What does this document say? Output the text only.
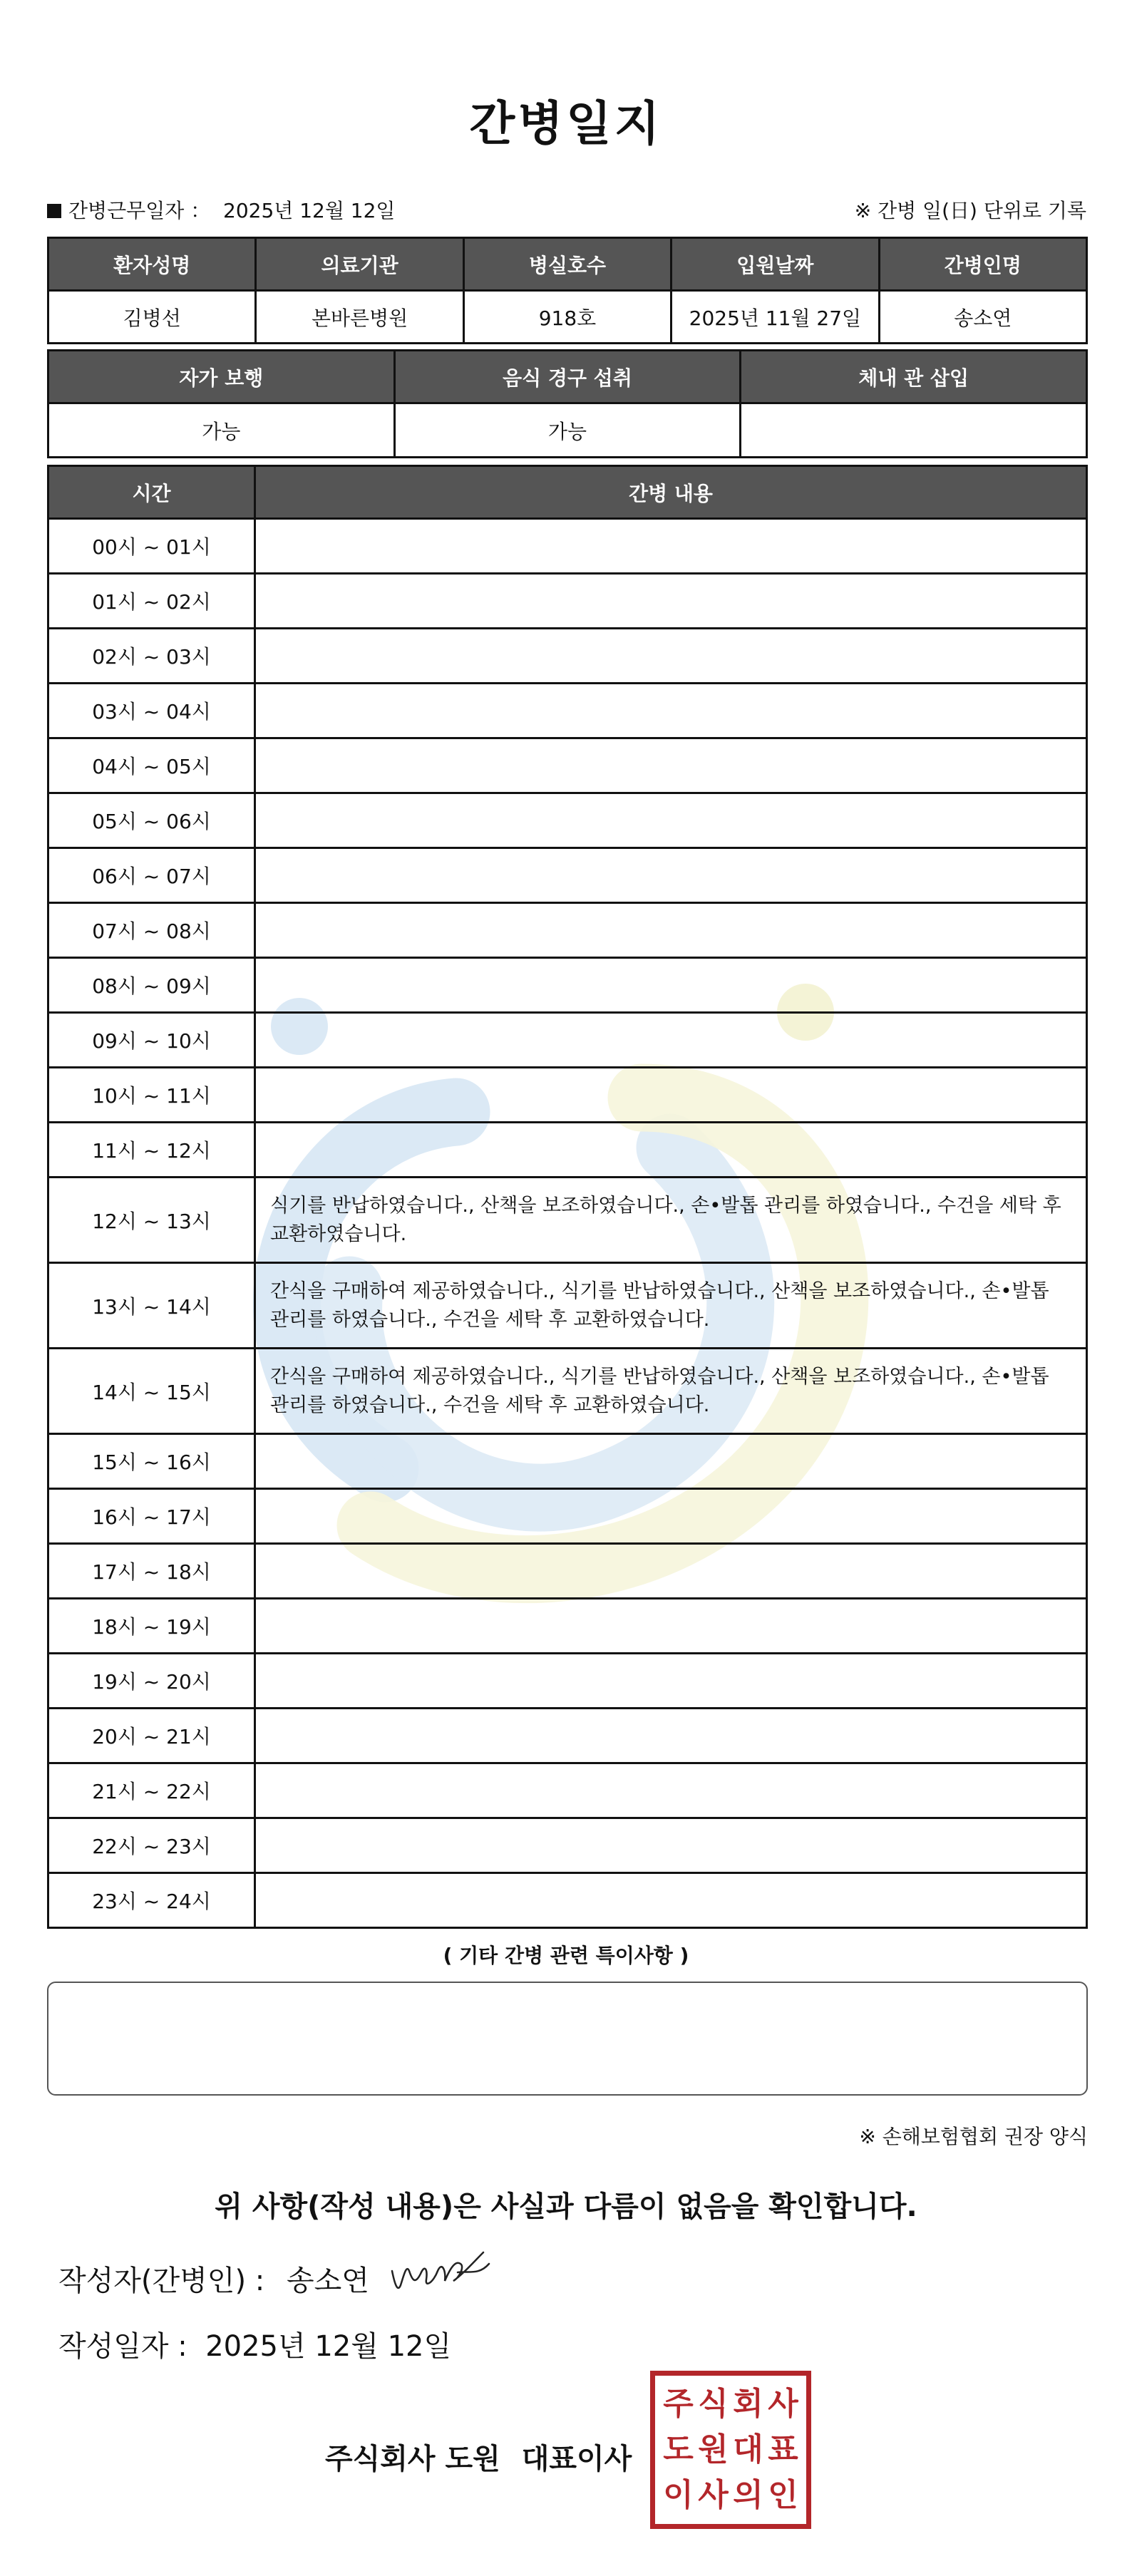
간병일지
간병근무일자 ： 2025년 12월 12일	※ 간병 일(日) 단위로 기록
환자성명	의료기관	병실호수	입원날짜	간병인명
김병선	본바른병원	918호	2025년 11월 27일	송소연
자가 보행	음식 경구 섭취	체내 관 삽입
가능	가능	
시간	간병 내용
00시 ~ 01시	
01시 ~ 02시	
02시 ~ 03시	
03시 ~ 04시	
04시 ~ 05시	
05시 ~ 06시	
06시 ~ 07시	
07시 ~ 08시	
08시 ~ 09시	
09시 ~ 10시	
10시 ~ 11시	
11시 ~ 12시	
12시 ~ 13시	식기를 반납하였습니다., 산책을 보조하였습니다., 손•발톱 관리를 하였습니다., 수건을 세탁 후 교환하였습니다.
13시 ~ 14시	간식을 구매하여 제공하였습니다., 식기를 반납하였습니다., 산책을 보조하였습니다., 손•발톱 관리를 하였습니다., 수건을 세탁 후 교환하였습니다.
14시 ~ 15시	간식을 구매하여 제공하였습니다., 식기를 반납하였습니다., 산책을 보조하였습니다., 손•발톱 관리를 하였습니다., 수건을 세탁 후 교환하였습니다.
15시 ~ 16시	
16시 ~ 17시	
17시 ~ 18시	
18시 ~ 19시	
19시 ~ 20시	
20시 ~ 21시	
21시 ~ 22시	
22시 ~ 23시	
23시 ~ 24시	
( 기타 간병 관련 특이사항 )
※ 손해보험협회 권장 양식
위 사항(작성 내용)은 사실과 다름이 없음을 확인합니다.
작성자(간병인) : 송소연
작성일자 : 2025년 12월 12일
주식회사 도원 대표이사
주 식 회 사
도 원 대 표
이 사 의 인
